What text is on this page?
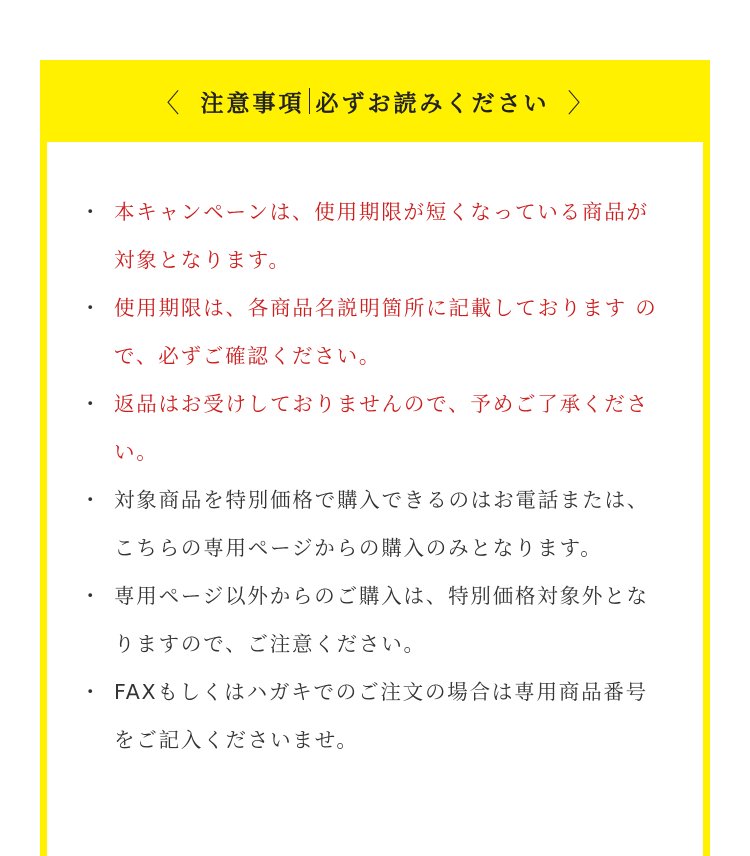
〈 注意事項 必ずお読みください 〉
・ 本キャンペーンは、使用期限が短くなっている商品が対象となります。
・ 使用期限は、各商品名説明箇所に記載しております ので、必ずご確認ください。
・ 返品はお受けしておりませんので、予めご了承くださ い。
・ 対象商品を特別価格で購入できるのはお電話または、こちらの専用ページからの購入のみとなります。
・ 専用ページ以外からのご購入は、特別価格対象外となりますので、ご注意ください。
・ FAXもしくはハガキでのご注文の場合は専用商品番号をご記入くださいませ。
